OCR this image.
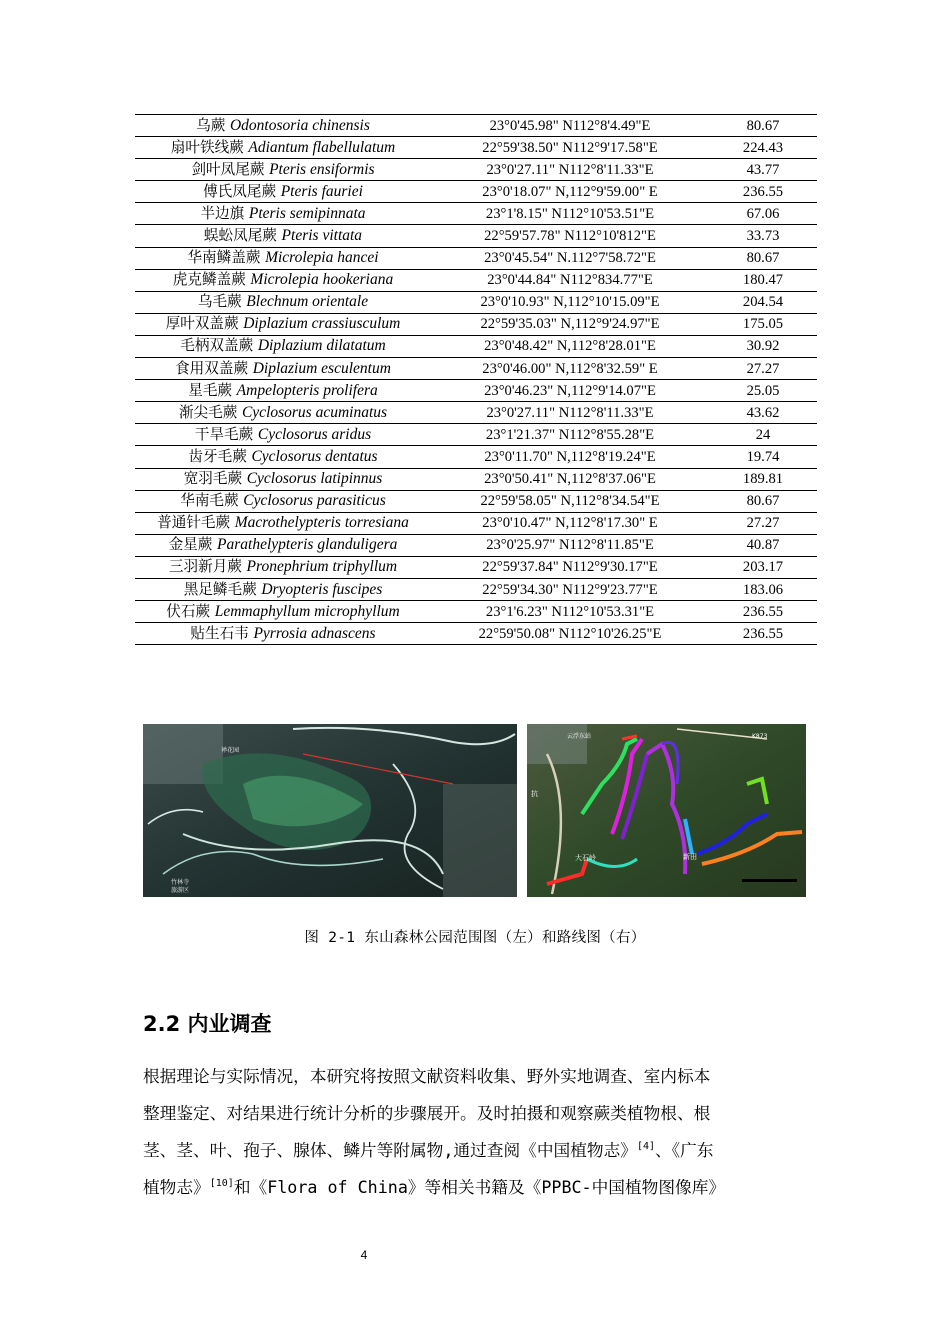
乌蕨 Odontosoria chinensis	23°0'45.98" N112°8'4.49"E	80.67
扇叶铁线蕨 Adiantum flabellulatum	22°59'38.50" N112°9'17.58"E	224.43
剑叶凤尾蕨 Pteris ensiformis	23°0'27.11" N112°8'11.33"E	43.77
傅氏凤尾蕨 Pteris fauriei	23°0'18.07" N,112°9'59.00" E	236.55
半边旗 Pteris semipinnata	23°1'8.15" N112°10'53.51"E	67.06
蜈蚣凤尾蕨 Pteris vittata	22°59'57.78" N112°10'812"E	33.73
华南鳞盖蕨 Microlepia hancei	23°0'45.54" N.112°7'58.72"E	80.67
虎克鳞盖蕨 Microlepia hookeriana	23°0'44.84" N112°834.77"E	180.47
乌毛蕨 Blechnum orientale	23°0'10.93" N,112°10'15.09"E	204.54
厚叶双盖蕨 Diplazium crassiusculum	22°59'35.03" N,112°9'24.97"E	175.05
毛柄双盖蕨 Diplazium dilatatum	23°0'48.42" N,112°8'28.01"E	30.92
食用双盖蕨 Diplazium esculentum	23°0'46.00" N,112°8'32.59" E	27.27
星毛蕨 Ampelopteris prolifera	23°0'46.23" N,112°9'14.07"E	25.05
渐尖毛蕨 Cyclosorus acuminatus	23°0'27.11" N112°8'11.33"E	43.62
干旱毛蕨 Cyclosorus aridus	23°1'21.37" N112°8'55.28"E	24
齿牙毛蕨 Cyclosorus dentatus	23°0'11.70" N,112°8'19.24"E	19.74
宽羽毛蕨 Cyclosorus latipinnus	23°0'50.41" N,112°8'37.06"E	189.81
华南毛蕨 Cyclosorus parasiticus	22°59'58.05" N,112°8'34.54"E	80.67
普通针毛蕨 Macrothelypteris torresiana	23°0'10.47" N,112°8'17.30" E	27.27
金星蕨 Parathelypteris glanduligera	23°0'25.97" N112°8'11.85"E	40.87
三羽新月蕨 Pronephrium triphyllum	22°59'37.84" N112°9'30.17"E	203.17
黑足鳞毛蕨 Dryopteris fuscipes	22°59'34.30" N112°9'23.77"E	183.06
伏石蕨 Lemmaphyllum microphyllum	23°1'6.23" N112°10'53.31"E	236.55
贴生石韦 Pyrrosia adnascens	22°59'50.08" N112°10'26.25"E	236.55
禅花园
竹林寺
旅游区
云浮东站	K873
大石岭	新田
抗
图 2-1 东山森林公园范围图（左）和路线图（右）
2.2 内业调查
根据理论与实际情况，本研究将按照文献资料收集、野外实地调查、室内标本
整理鉴定、对结果进行统计分析的步骤展开。及时拍摄和观察蕨类植物根、根
茎、茎、叶、孢子、腺体、鳞片等附属物,通过查阅《中国植物志》[4]、《广东
植物志》[10]和《Flora of China》等相关书籍及《PPBC-中国植物图像库》
4
